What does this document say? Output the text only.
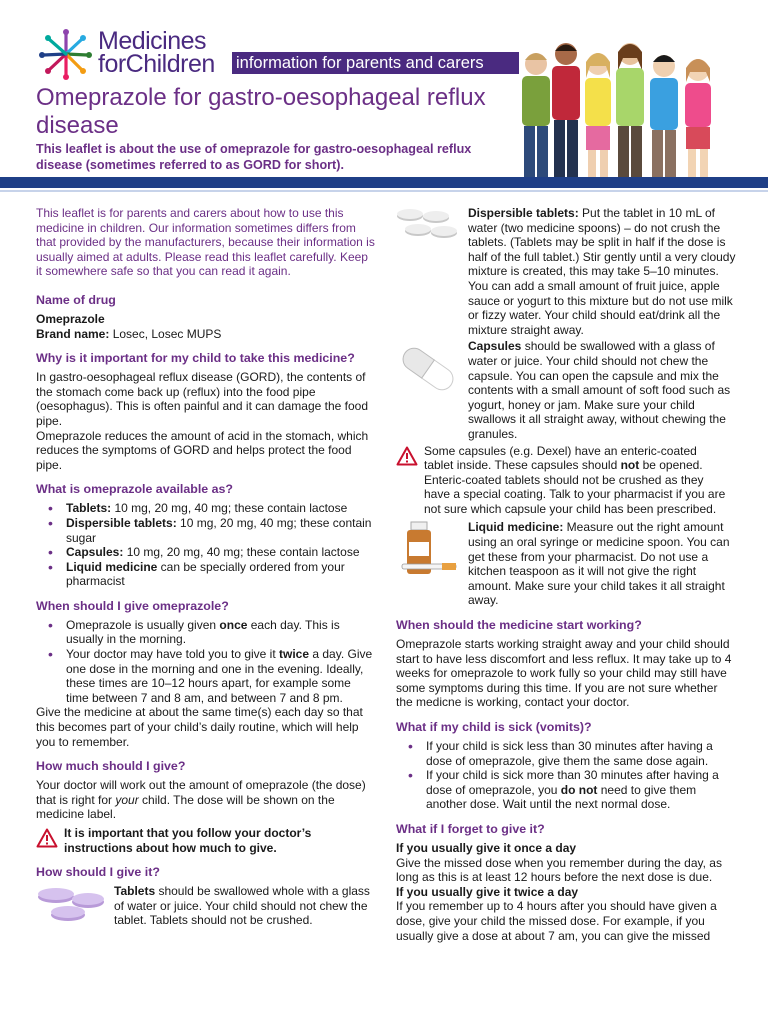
Medicines
forChildren information for parents and carers
Omeprazole for gastro-oesophageal reflux disease
This leaflet is about the use of omeprazole for gastro-oesophageal reflux disease (sometimes referred to as GORD for short).

This leaflet is for parents and carers about how to use this medicine in children. Our information sometimes differs from that provided by the manufacturers, because their information is usually aimed at adults. Please read this leaflet carefully. Keep it somewhere safe so that you can read it again.

Name of drug

Omeprazole

Brand name: Losec, Losec MUPS

Why is it important for my child to take this medicine?

In gastro-oesophageal reflux disease (GORD), the contents of the stomach come back up (reflux) into the food pipe (oesophagus). This is often painful and it can damage the food pipe.

Omeprazole reduces the amount of acid in the stomach, which reduces the symptoms of GORD and helps protect the food pipe.

What is omeprazole available as?
• Tablets: 10 mg, 20 mg, 40 mg; these contain lactose
• Dispersible tablets: 10 mg, 20 mg, 40 mg; these contain sugar
• Capsules: 10 mg, 20 mg, 40 mg; these contain lactose
• Liquid medicine can be specially ordered from your pharmacist
When should I give omeprazole?
• Omeprazole is usually given once each day. This is usually in the morning.
• Your doctor may have told you to give it twice a day. Give one dose in the morning and one in the evening. Ideally, these times are 10–12 hours apart, for example some time between 7 and 8 am, and between 7 and 8 pm.

Give the medicine at about the same time(s) each day so that this becomes part of your child’s daily routine, which will help you to remember.

How much should I give?

Your doctor will work out the amount of omeprazole (the dose) that is right for your child. The dose will be shown on the medicine label.

It is important that you follow your doctor’s instructions about how much to give.

How should I give it?

Tablets should be swallowed whole with a glass of water or juice. Your child should not chew the tablet. Tablets should not be crushed.

Dispersible tablets: Put the tablet in 10 mL of water (two medicine spoons) – do not crush the tablets. (Tablets may be split in half if the dose is half of the full tablet.) Stir gently until a very cloudy mixture is created, this may take 5–10 minutes. You can add a small amount of fruit juice, apple sauce or yogurt to this mixture but do not use milk or fizzy water. Your child should eat/drink all the mixture straight away.

Capsules should be swallowed with a glass of water or juice. Your child should not chew the capsule. You can open the capsule and mix the contents with a small amount of soft food such as yogurt, honey or jam. Make sure your child swallows it all straight away, without chewing the granules.

Some capsules (e.g. Dexel) have an enteric-coated tablet inside. These capsules should not be opened. Enteric-coated tablets should not be crushed as they have a special coating. Talk to your pharmacist if you are not sure which capsule your child has been prescribed.

Liquid medicine: Measure out the right amount using an oral syringe or medicine spoon. You can get these from your pharmacist. Do not use a kitchen teaspoon as it will not give the right amount. Make sure your child takes it all straight away.

When should the medicine start working?

Omeprazole starts working straight away and your child should start to have less discomfort and less reflux. It may take up to 4 weeks for omeprazole to work fully so your child may still have some symptoms during this time. If you are not sure whether the medicne is working, contact your doctor.

What if my child is sick (vomits)?
• If your child is sick less than 30 minutes after having a dose of omeprazole, give them the same dose again.
• If your child is sick more than 30 minutes after having a dose of omeprazole, you do not need to give them another dose. Wait until the next normal dose.
What if I forget to give it?

If you usually give it once a day

Give the missed dose when you remember during the day, as long as this is at least 12 hours before the next dose is due.

If you usually give it twice a day

If you remember up to 4 hours after you should have given a dose, give your child the missed dose. For example, if you usually give a dose at about 7 am, you can give the missed
